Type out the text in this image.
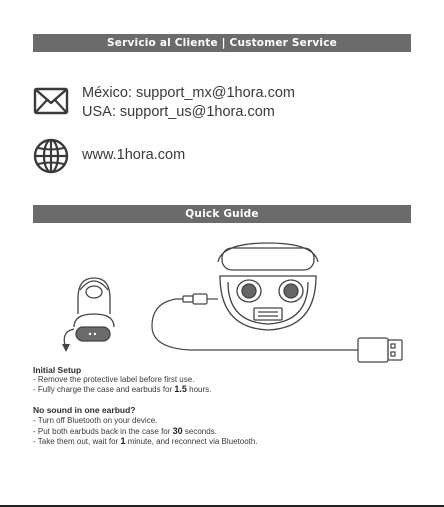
Servicio al Cliente | Customer Service
México: support_mx@1hora.com
USA: support_us@1hora.com
www.1hora.com
Quick Guide
Initial Setup
- Remove the protective label before first use.
- Fully charge the case and earbuds for 1.5 hours.
No sound in one earbud?
- Turn off Bluetooth on your device.
- Put both earbuds back in the case for 30 seconds.
- Take them out, wait for 1 minute, and reconnect via Bluetooth.
